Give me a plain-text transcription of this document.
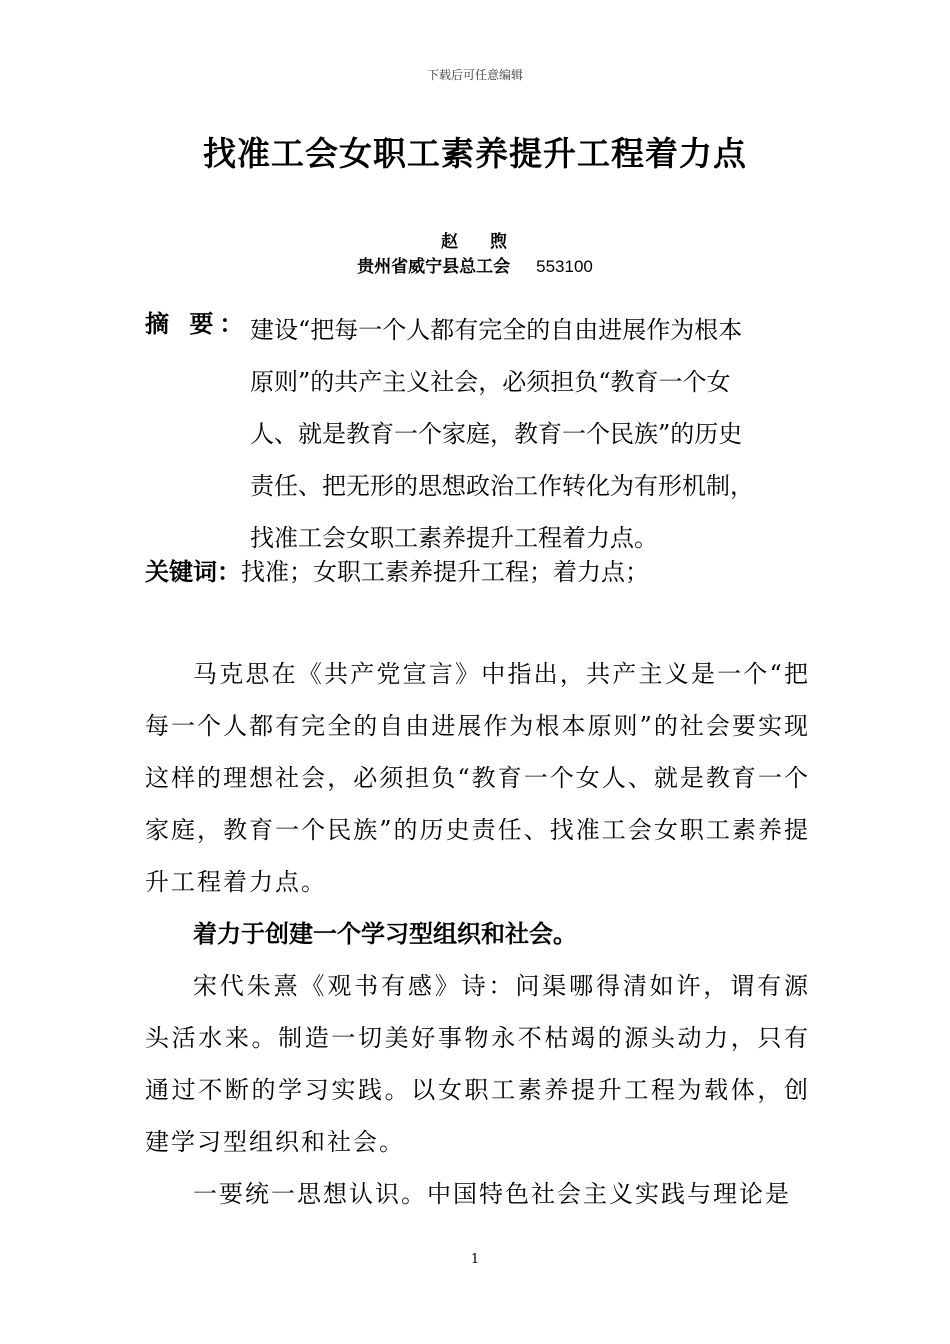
下载后可任意编辑
找准工会女职工素养提升工程着力点
赵 煦
贵州省威宁县总工会 553100
摘 要： 建设“把每一个人都有完全的自由进展作为根本

原则”的共产主义社会，必须担负“教育一个女

人、就是教育一个家庭，教育一个民族”的历史

责任、把无形的思想政治工作转化为有形机制，

找准工会女职工素养提升工程着力点。

关键词：找准；女职工素养提升工程；着力点；

马克思在《共产党宣言》中指出，共产主义是一个“把每一个人都有完全的自由进展作为根本原则”的社会要实现这样的理想社会，必须担负“教育一个女人、就是教育一个家庭，教育一个民族”的历史责任、找准工会女职工素养提升工程着力点。

着力于创建一个学习型组织和社会。

宋代朱熹《观书有感》诗：问渠哪得清如许，谓有源头活水来。制造一切美好事物永不枯竭的源头动力，只有通过不断的学习实践。以女职工素养提升工程为载体，创建学习型组织和社会。

一要统一思想认识。中国特色社会主义实践与理论是

1
